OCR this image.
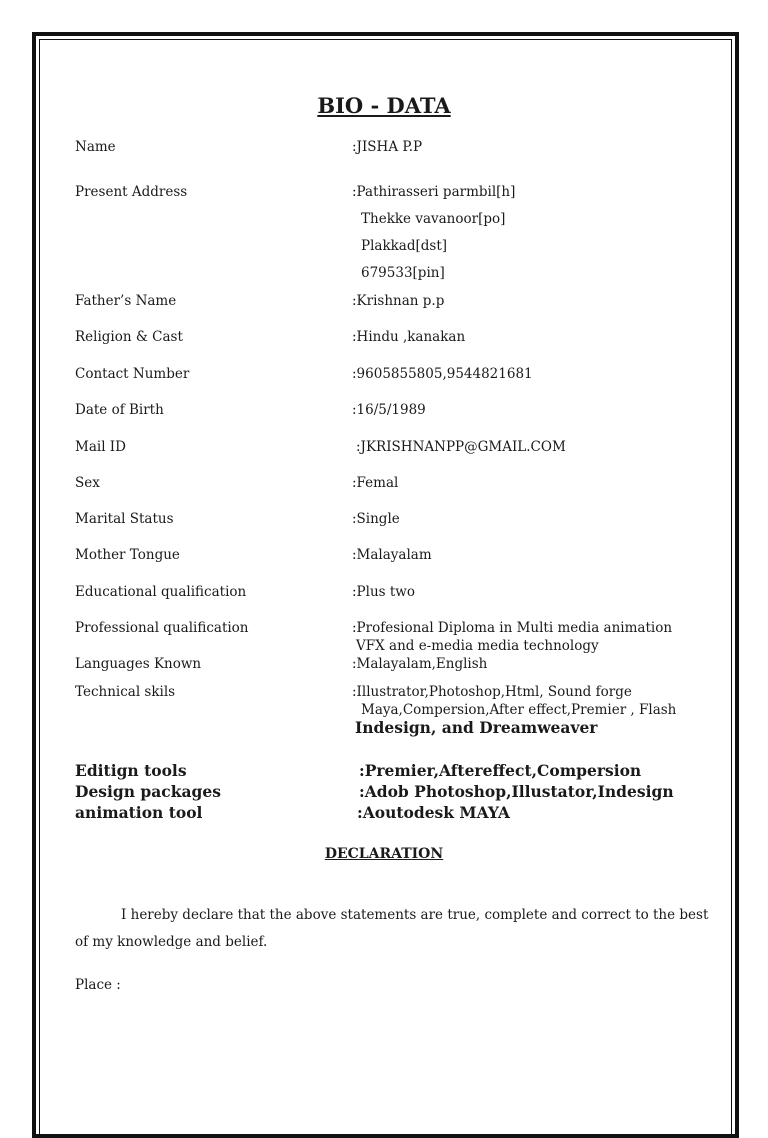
BIO - DATA
Name	:JISHA P.P
Present Address	:Pathirasseri parmbil[h]
Thekke vavanoor[po]
Plakkad[dst]
679533[pin]
Father’s Name	:Krishnan p.p
Religion & Cast	:Hindu ,kanakan
Contact Number	:9605855805,9544821681
Date of Birth	:16/5/1989
Mail ID	:JKRISHNANPP@GMAIL.COM
Sex	:Femal
Marital Status	:Single
Mother Tongue	:Malayalam
Educational qualification	:Plus two
Professional qualification	:Profesional Diploma in Multi media animation
VFX and e-media media technology
Languages Known	:Malayalam,English
Technical skils	:Illustrator,Photoshop,Html, Sound forge
Maya,Compersion,After effect,Premier , Flash
Indesign, and Dreamweaver
Editign tools	:Premier,Aftereffect,Compersion
Design packages	:Adob Photoshop,Illustator,Indesign
animation tool	:Aoutodesk MAYA
DECLARATION
I hereby declare that the above statements are true, complete and correct to the best of my knowledge and belief.
Place :
